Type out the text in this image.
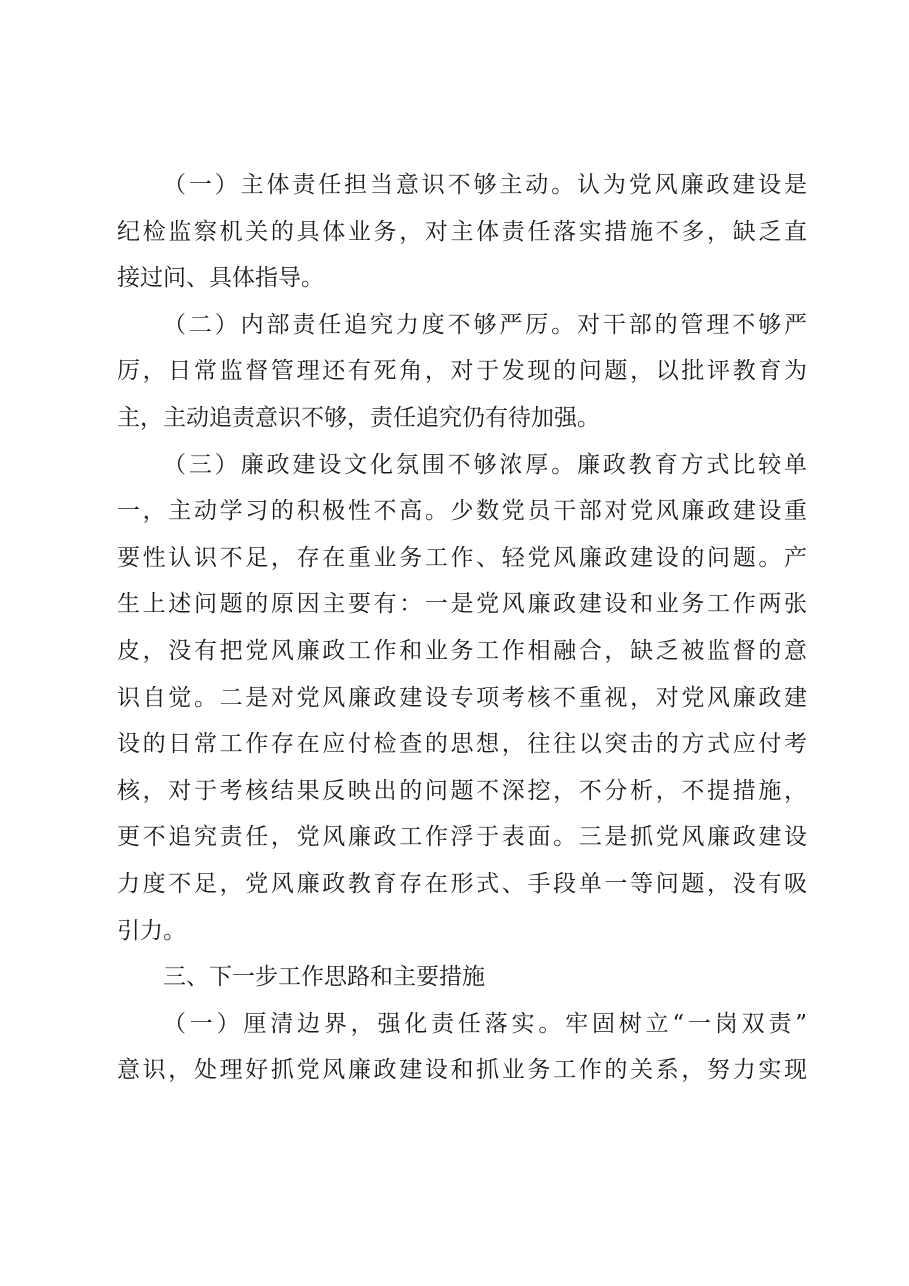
（一）主体责任担当意识不够主动。认为党风廉政建设是
纪检监察机关的具体业务，对主体责任落实措施不多，缺乏直
接过问、具体指导。
（二）内部责任追究力度不够严厉。对干部的管理不够严
厉，日常监督管理还有死角，对于发现的问题，以批评教育为
主，主动追责意识不够，责任追究仍有待加强。
（三）廉政建设文化氛围不够浓厚。廉政教育方式比较单
一，主动学习的积极性不高。少数党员干部对党风廉政建设重
要性认识不足，存在重业务工作、轻党风廉政建设的问题。产
生上述问题的原因主要有：一是党风廉政建设和业务工作两张
皮，没有把党风廉政工作和业务工作相融合，缺乏被监督的意
识自觉。二是对党风廉政建设专项考核不重视，对党风廉政建
设的日常工作存在应付检查的思想，往往以突击的方式应付考
核，对于考核结果反映出的问题不深挖，不分析，不提措施，
更不追究责任，党风廉政工作浮于表面。三是抓党风廉政建设
力度不足，党风廉政教育存在形式、手段单一等问题，没有吸
引力。
三、下一步工作思路和主要措施
（一）厘清边界，强化责任落实。牢固树立“一岗双责”
意识，处理好抓党风廉政建设和抓业务工作的关系，努力实现
